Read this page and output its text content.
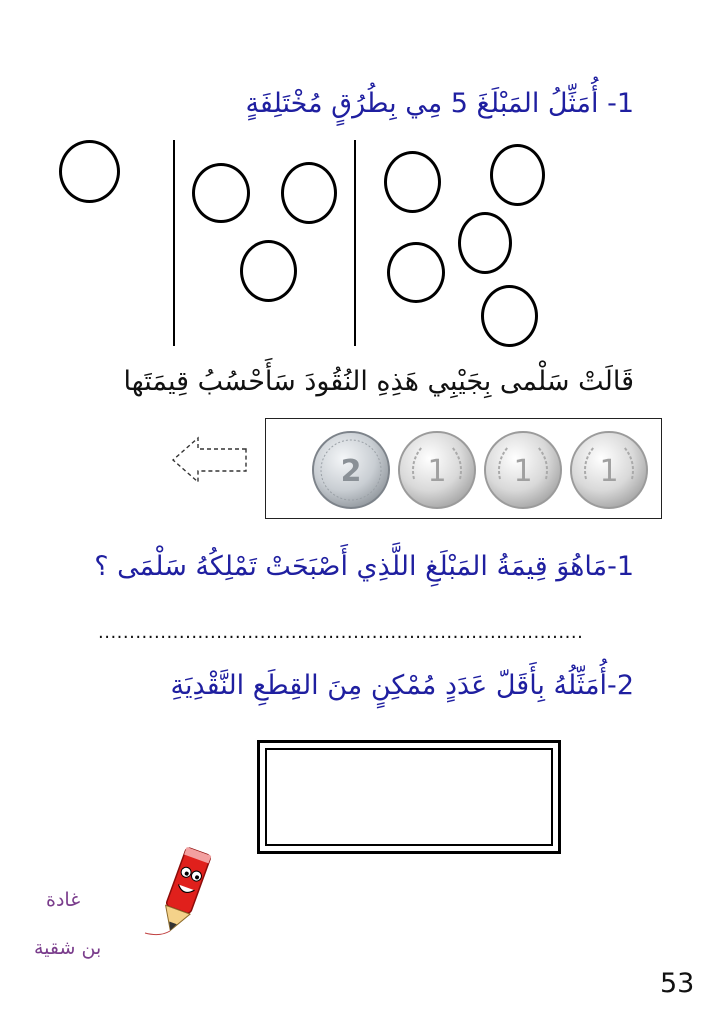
1- أُمَثِّلُ المَبْلَغَ 5 مِي بِطُرُقٍ مُخْتَلِفَةٍ
قَالَتْ سَلْمى بِجَيْبِي هَذِهِ النُقُودَ سَأَحْسُبُ قِيمَتَها
2 1 1 1
1-مَاهُوَ قِيمَةُ المَبْلَغِ اللَّذِي أَصْبَحَتْ تَمْلِكُهُ سَلْمَى ؟
..............................................................................
2-أُمَثِّلُهُ بِأَقَلّ عَدَدٍ مُمْكِنٍ مِنَ القِطَعِ النَّقْدِيَةِ
غادة
بن شقية
53
